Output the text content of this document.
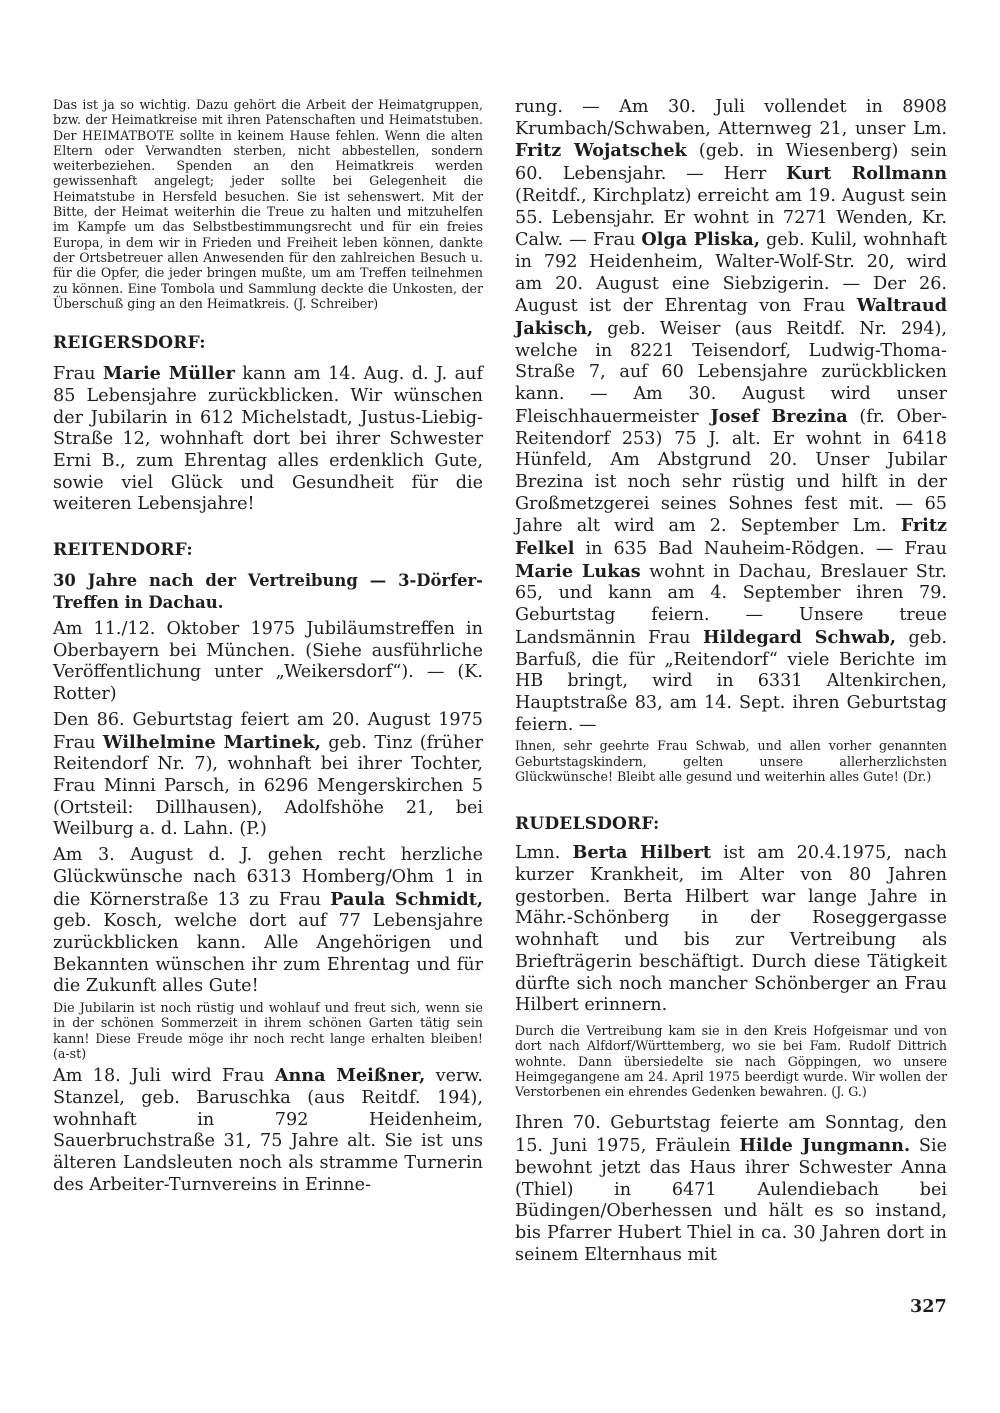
Das ist ja so wichtig. Dazu gehört die Arbeit der Heimatgruppen, bzw. der Heimatkreise mit ihren Patenschaften und Heimatstuben. Der HEIMATBOTE sollte in keinem Hause fehlen. Wenn die alten Eltern oder Verwandten sterben, nicht abbestellen, sondern weiterbeziehen. Spenden an den Heimatkreis werden gewissenhaft angelegt; jeder sollte bei Gelegenheit die Heimatstube in Hersfeld besuchen. Sie ist sehenswert. Mit der Bitte, der Heimat weiterhin die Treue zu halten und mitzuhelfen im Kampfe um das Selbstbestimmungsrecht und für ein freies Europa, in dem wir in Frieden und Freiheit leben können, dankte der Ortsbetreuer allen Anwesenden für den zahlreichen Besuch u. für die Opfer, die jeder bringen mußte, um am Treffen teilnehmen zu können. Eine Tombola und Sammlung deckte die Unkosten, der Überschuß ging an den Heimatkreis. (J. Schreiber)

REIGERSDORF:

Frau Marie Müller kann am 14. Aug. d. J. auf 85 Lebensjahre zurückblicken. Wir wünschen der Jubilarin in 612 Michelstadt, Justus-Liebig-Straße 12, wohnhaft dort bei ihrer Schwester Erni B., zum Ehrentag alles erdenklich Gute, sowie viel Glück und Gesundheit für die weiteren Lebensjahre!

REITENDORF:

30 Jahre nach der Vertreibung — 3-Dörfer-Treffen in Dachau.

Am 11./12. Oktober 1975 Jubiläumstreffen in Oberbayern bei München. (Siehe ausführliche Veröffentlichung unter „Weikersdorf“). — (K. Rotter)

Den 86. Geburtstag feiert am 20. August 1975 Frau Wilhelmine Martinek, geb. Tinz (früher Reitendorf Nr. 7), wohnhaft bei ihrer Tochter, Frau Minni Parsch, in 6296 Mengerskirchen 5 (Ortsteil: Dillhausen), Adolfshöhe 21, bei Weilburg a. d. Lahn. (P.)

Am 3. August d. J. gehen recht herzliche Glückwünsche nach 6313 Homberg/Ohm 1 in die Körnerstraße 13 zu Frau Paula Schmidt, geb. Kosch, welche dort auf 77 Lebensjahre zurückblicken kann. Alle Angehörigen und Bekannten wünschen ihr zum Ehrentag und für die Zukunft alles Gute!

Die Jubilarin ist noch rüstig und wohlauf und freut sich, wenn sie in der schönen Sommerzeit in ihrem schönen Garten tätig sein kann! Diese Freude möge ihr noch recht lange erhalten bleiben! (a-st)

Am 18. Juli wird Frau Anna Meißner, verw. Stanzel, geb. Baruschka (aus Reitdf. 194), wohnhaft in 792 Heidenheim, Sauerbruchstraße 31, 75 Jahre alt. Sie ist uns älteren Landsleuten noch als stramme Turnerin des Arbeiter-Turnvereins in Erinne-

rung. — Am 30. Juli vollendet in 8908 Krumbach/Schwaben, Atternweg 21, unser Lm. Fritz Wojatschek (geb. in Wiesenberg) sein 60. Lebensjahr. — Herr Kurt Rollmann (Reitdf., Kirchplatz) erreicht am 19. August sein 55. Lebensjahr. Er wohnt in 7271 Wenden, Kr. Calw. — Frau Olga Pliska, geb. Kulil, wohnhaft in 792 Heidenheim, Walter-Wolf-Str. 20, wird am 20. August eine Siebzigerin. — Der 26. August ist der Ehrentag von Frau Waltraud Jakisch, geb. Weiser (aus Reitdf. Nr. 294), welche in 8221 Teisendorf, Ludwig-Thoma-Straße 7, auf 60 Lebensjahre zurückblicken kann. — Am 30. August wird unser Fleischhauermeister Josef Brezina (fr. Ober-Reitendorf 253) 75 J. alt. Er wohnt in 6418 Hünfeld, Am Abstgrund 20. Unser Jubilar Brezina ist noch sehr rüstig und hilft in der Großmetzgerei seines Sohnes fest mit. — 65 Jahre alt wird am 2. September Lm. Fritz Felkel in 635 Bad Nauheim-Rödgen. — Frau Marie Lukas wohnt in Dachau, Breslauer Str. 65, und kann am 4. September ihren 79. Geburtstag feiern. — Unsere treue Landsmännin Frau Hildegard Schwab, geb. Barfuß, die für „Reitendorf“ viele Berichte im HB bringt, wird in 6331 Altenkirchen, Hauptstraße 83, am 14. Sept. ihren Geburtstag feiern. —

Ihnen, sehr geehrte Frau Schwab, und allen vorher genannten Geburtstagskindern, gelten unsere allerherzlichsten Glückwünsche! Bleibt alle gesund und weiterhin alles Gute! (Dr.)

RUDELSDORF:

Lmn. Berta Hilbert ist am 20.4.1975, nach kurzer Krankheit, im Alter von 80 Jahren gestorben. Berta Hilbert war lange Jahre in Mähr.-Schönberg in der Roseggergasse wohnhaft und bis zur Vertreibung als Briefträgerin beschäftigt. Durch diese Tätigkeit dürfte sich noch mancher Schönberger an Frau Hilbert erinnern.

Durch die Vertreibung kam sie in den Kreis Hofgeismar und von dort nach Alfdorf/Württemberg, wo sie bei Fam. Rudolf Dittrich wohnte. Dann übersiedelte sie nach Göppingen, wo unsere Heimgegangene am 24. April 1975 beerdigt wurde. Wir wollen der Verstorbenen ein ehrendes Gedenken bewahren. (J. G.)

Ihren 70. Geburtstag feierte am Sonntag, den 15. Juni 1975, Fräulein Hilde Jungmann. Sie bewohnt jetzt das Haus ihrer Schwester Anna (Thiel) in 6471 Aulendiebach bei Büdingen/Oberhessen und hält es so instand, bis Pfarrer Hubert Thiel in ca. 30 Jahren dort in seinem Elternhaus mit

327
